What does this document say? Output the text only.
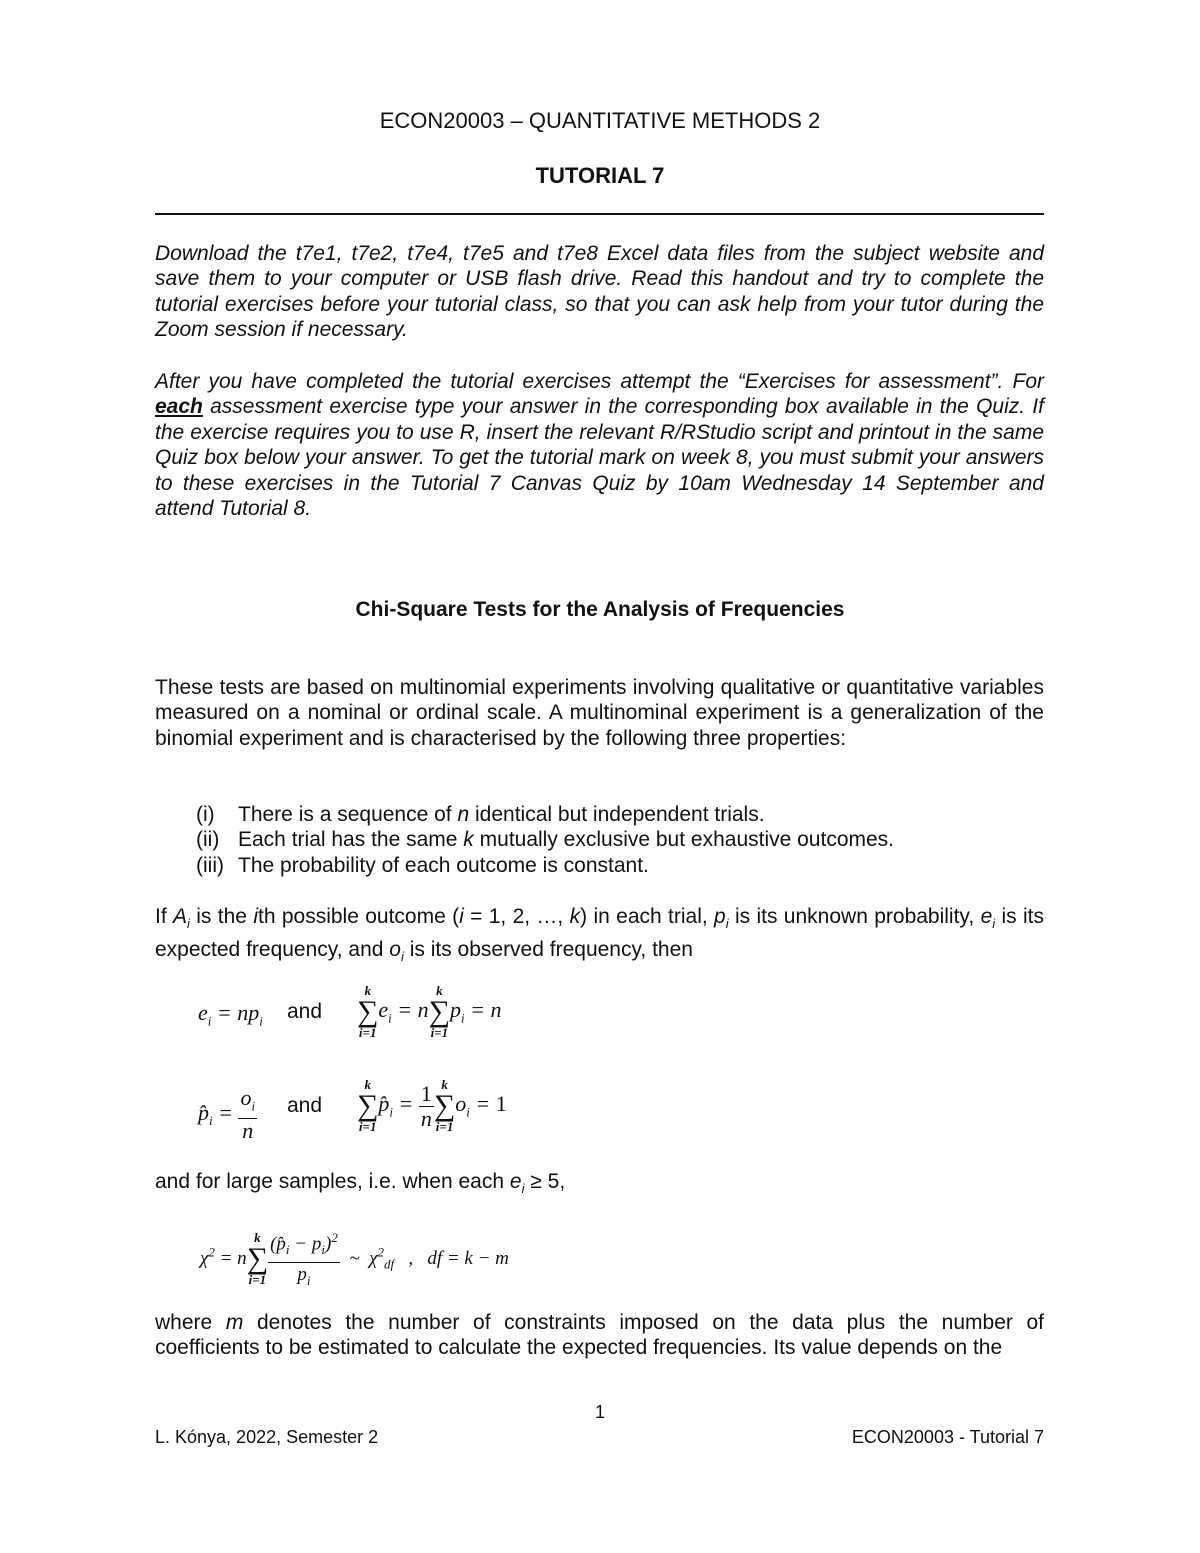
ECON20003 – QUANTITATIVE METHODS 2
TUTORIAL 7
Download the t7e1, t7e2, t7e4, t7e5 and t7e8 Excel data files from the subject website and save them to your computer or USB flash drive. Read this handout and try to complete the tutorial exercises before your tutorial class, so that you can ask help from your tutor during the Zoom session if necessary.
After you have completed the tutorial exercises attempt the “Exercises for assessment”. For each assessment exercise type your answer in the corresponding box available in the Quiz. If the exercise requires you to use R, insert the relevant R/RStudio script and printout in the same Quiz box below your answer. To get the tutorial mark on week 8, you must submit your answers to these exercises in the Tutorial 7 Canvas Quiz by 10am Wednesday 14 September and attend Tutorial 8.
Chi-Square Tests for the Analysis of Frequencies
These tests are based on multinomial experiments involving qualitative or quantitative variables measured on a nominal or ordinal scale. A multinominal experiment is a generalization of the binomial experiment and is characterised by the following three properties:
(i)	There is a sequence of n identical but independent trials.
(ii) Each trial has the same k mutually exclusive but exhaustive outcomes.
(iii) The probability of each outcome is constant.
If $A_i$ is the ith possible outcome (i = 1, 2, …, k) in each trial, $p_i$ is its unknown probability, $e_i$ is its expected frequency, and $o_i$ is its observed frequency, then
$e_i = np_i$ and
k
∑
i=1
$e_i = n$
k
∑
i=1
$p_i = n$
$p̂_i = \frac{o_i}{n}$ and
k
∑
i=1
$p̂_i = \frac{1}{n}$ k
∑
i=1
$o_i = 1$
and for large samples, i.e. when each $e_i \ge 5$,
$\chi^2 = n$
k
∑
$i=1 \frac{(p̂_i - p_i)^2}{p_i}$ ~  $\chi^2_{df}$   ,   df = k − m
where m denotes the number of constraints imposed on the data plus the number of coefficients to be estimated to calculate the expected frequencies. Its value depends on the
1
L. Kónya, 2022, Semester 2	ECON20003 - Tutorial 7
